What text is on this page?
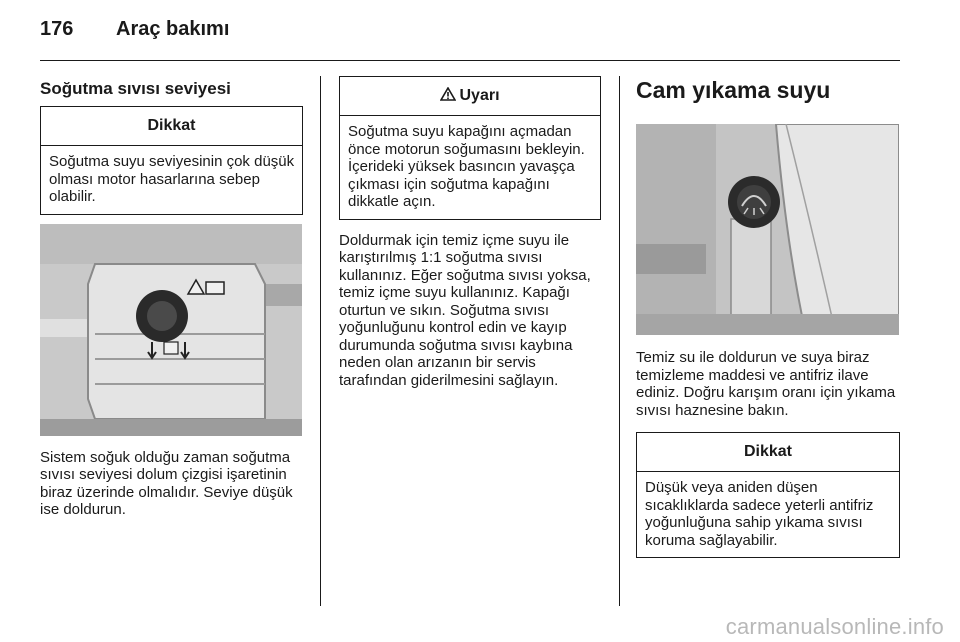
176	Araç bakımı
Soğutma sıvısı seviyesi
Dikkat
Soğutma suyu seviyesinin çok düşük olması motor hasarlarına sebep olabilir.

Sistem soğuk olduğu zaman soğutma sıvısı seviyesi dolum çizgisi işaretinin biraz üzerinde olmalıdır. Seviye düşük ise doldurun.

Uyarı
Soğutma suyu kapağını açmadan önce motorun soğumasını bekleyin. İçerideki yüksek basıncın yavaşça çıkması için soğutma kapağını dikkatle açın.

Doldurmak için temiz içme suyu ile karıştırılmış 1:1 soğutma sıvısı kullanınız. Eğer soğutma sıvısı yoksa, temiz içme suyu kullanınız. Kapağı oturtun ve sıkın. Soğutma sıvısı yoğunluğunu kontrol edin ve kayıp durumunda soğutma sıvısı kaybına neden olan arızanın bir servis tarafından giderilmesini sağlayın.

Cam yıkama suyu

Temiz su ile doldurun ve suya biraz temizleme maddesi ve antifriz ilave ediniz. Doğru karışım oranı için yıkama sıvısı haznesine bakın.

Dikkat
Düşük veya aniden düşen sıcaklıklarda sadece yeterli antifriz yoğunluğuna sahip yıkama sıvısı koruma sağlayabilir.
carmanualsonline.info
